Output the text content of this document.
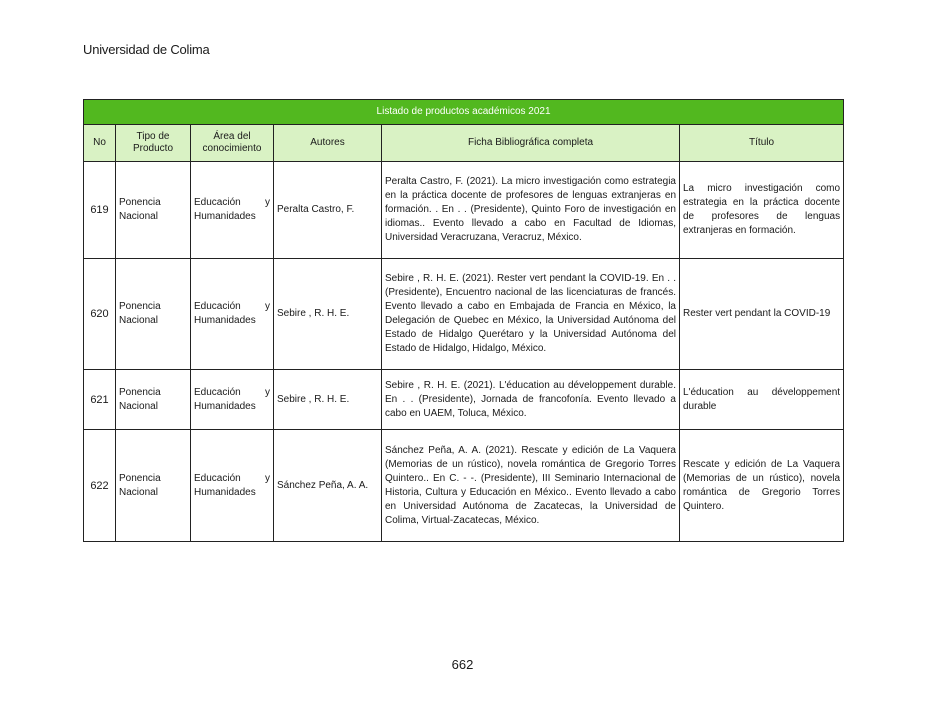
Universidad de Colima
Listado de productos académicos 2021					
No	Tipo de Producto	Área del conocimiento	Autores	Ficha Bibliográfica completa	Título
619	Ponencia Nacional	Educación y Humanidades	Peralta Castro, F.	Peralta Castro, F. (2021). La micro investigación como estrategia en la práctica docente de profesores de lenguas extranjeras en formación. . En . . (Presidente), Quinto Foro de investigación en idiomas.. Evento llevado a cabo en Facultad de Idiomas, Universidad Veracruzana, Veracruz, México.	La micro investigación como estrategia en la práctica docente de profesores de lenguas extranjeras en formación.
620	Ponencia Nacional	Educación y Humanidades	Sebire , R. H. E.	Sebire , R. H. E. (2021). Rester vert pendant la COVID-19. En . . (Presidente), Encuentro nacional de las licenciaturas de francés. Evento llevado a cabo en Embajada de Francia en México, la Delegación de Quebec en México, la Universidad Autónoma del Estado de Hidalgo Querétaro y la Universidad Autónoma del Estado de Hidalgo, Hidalgo, México.	Rester vert pendant la COVID-19
621	Ponencia Nacional	Educación y Humanidades	Sebire , R. H. E.	Sebire , R. H. E. (2021). L'éducation au développement durable. En . . (Presidente), Jornada de francofonía. Evento llevado a cabo en UAEM, Toluca, México.	L'éducation au développement durable
622	Ponencia Nacional	Educación y Humanidades	Sánchez Peña, A. A.	Sánchez Peña, A. A. (2021). Rescate y edición de La Vaquera (Memorias de un rústico), novela romántica de Gregorio Torres Quintero.. En C. - -. (Presidente), III Seminario Internacional de Historia, Cultura y Educación en México.. Evento llevado a cabo en Universidad Autónoma de Zacatecas, la Universidad de Colima, Virtual-Zacatecas, México.	Rescate y edición de La Vaquera (Memorias de un rústico), novela romántica de Gregorio Torres Quintero.
662
